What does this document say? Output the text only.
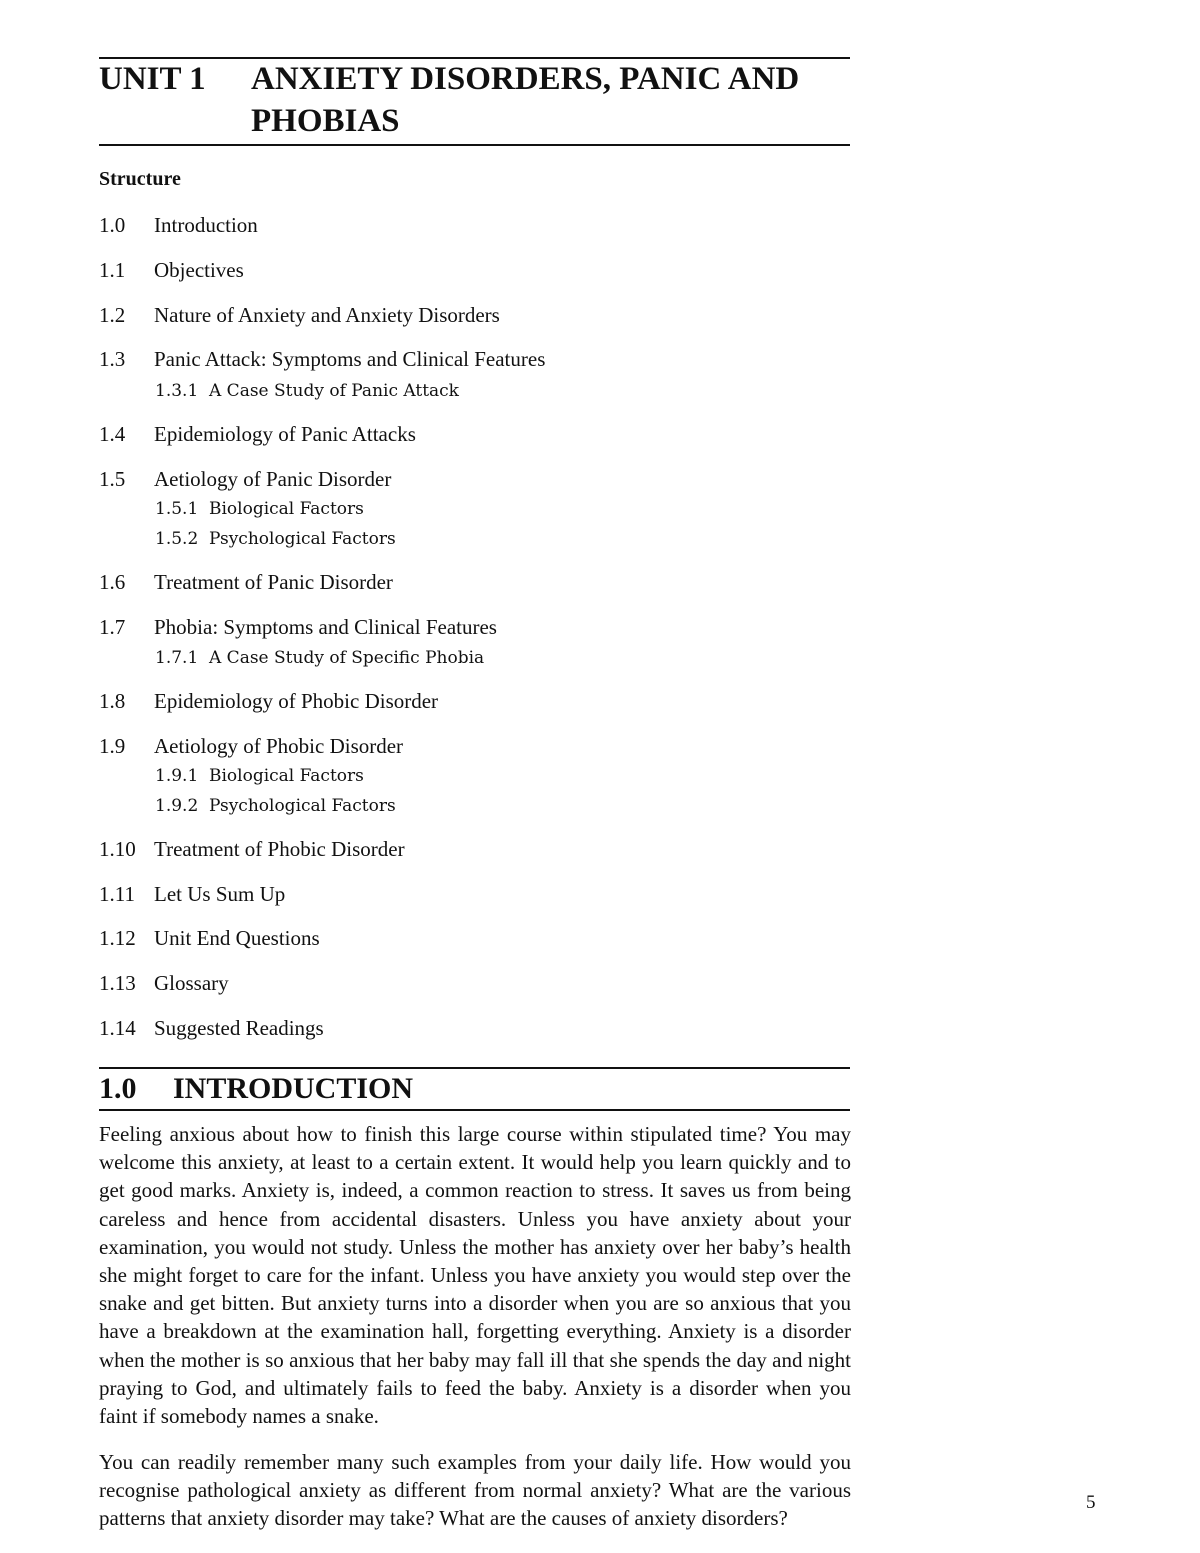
UNIT 1 ANXIETY DISORDERS, PANIC AND PHOBIAS
Structure
1.0 Introduction
1.1 Objectives
1.2 Nature of Anxiety and Anxiety Disorders
1.3 Panic Attack: Symptoms and Clinical Features
1.3.1 A Case Study of Panic Attack
1.4 Epidemiology of Panic Attacks
1.5 Aetiology of Panic Disorder
1.5.1 Biological Factors
1.5.2 Psychological Factors
1.6 Treatment of Panic Disorder
1.7 Phobia: Symptoms and Clinical Features
1.7.1 A Case Study of Specific Phobia
1.8 Epidemiology of Phobic Disorder
1.9 Aetiology of Phobic Disorder
1.9.1 Biological Factors
1.9.2 Psychological Factors
1.10 Treatment of Phobic Disorder
1.11 Let Us Sum Up
1.12 Unit End Questions
1.13 Glossary
1.14 Suggested Readings
1.0 INTRODUCTION

Feeling anxious about how to finish this large course within stipulated time? You may welcome this anxiety, at least to a certain extent. It would help you learn quickly and to get good marks. Anxiety is, indeed, a common reaction to stress. It saves us from being careless and hence from accidental disasters. Unless you have anxiety about your examination, you would not study. Unless the mother has anxiety over her baby’s health she might forget to care for the infant. Unless you have anxiety you would step over the snake and get bitten. But anxiety turns into a disorder when you are so anxious that you have a breakdown at the examination hall, forgetting everything. Anxiety is a disorder when the mother is so anxious that her baby may fall ill that she spends the day and night praying to God, and ultimately fails to feed the baby. Anxiety is a disorder when you faint if somebody names a snake.

You can readily remember many such examples from your daily life. How would you recognise pathological anxiety as different from normal anxiety? What are the various patterns that anxiety disorder may take? What are the causes of anxiety disorders?

5
